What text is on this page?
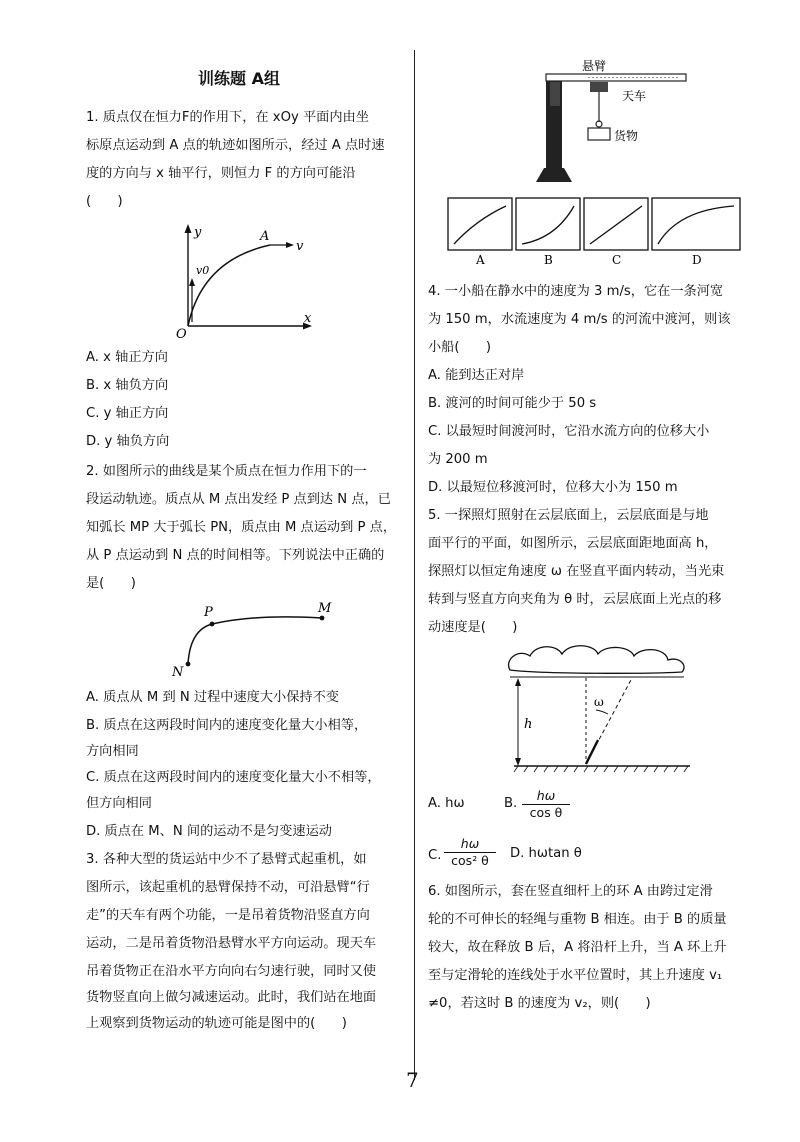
训练题 A组
1. 质点仅在恒力F的作用下，在 xOy 平面内由坐
标原点运动到 A 点的轨迹如图所示，经过 A 点时速
度的方向与 x 轴平行，则恒力 F 的方向可能沿
(　　)
y
x
O
A
v
v0
A. x 轴正方向
B. x 轴负方向
C. y 轴正方向
D. y 轴负方向
2. 如图所示的曲线是某个质点在恒力作用下的一
段运动轨迹。质点从 M 点出发经 P 点到达 N 点，已
知弧长 MP 大于弧长 PN，质点由 M 点运动到 P 点，
从 P 点运动到 N 点的时间相等。下列说法中正确的
是(　　)
P	M
N
A. 质点从 M 到 N 过程中速度大小保持不变
B. 质点在这两段时间内的速度变化量大小相等，
方向相同
C. 质点在这两段时间内的速度变化量大小不相等，
但方向相同
D. 质点在 M、N 间的运动不是匀变速运动
3. 各种大型的货运站中少不了悬臂式起重机，如
图所示，该起重机的悬臂保持不动，可沿悬臂“行
走”的天车有两个功能，一是吊着货物沿竖直方向
运动，二是吊着货物沿悬臂水平方向运动。现天车
吊着货物正在沿水平方向向右匀速行驶，同时又使
货物竖直向上做匀减速运动。此时，我们站在地面
上观察到货物运动的轨迹可能是图中的(　　)
悬臂
天车
货物
A	B	C	D
4. 一小船在静水中的速度为 3 m/s，它在一条河宽
为 150 m，水流速度为 4 m/s 的河流中渡河，则该
小船(　　)
A. 能到达正对岸
B. 渡河的时间可能少于 50 s
C. 以最短时间渡河时，它沿水流方向的位移大小
为 200 m
D. 以最短位移渡河时，位移大小为 150 m
5. 一探照灯照射在云层底面上，云层底面是与地
面平行的平面，如图所示，云层底面距地面高 h，
探照灯以恒定角速度 ω 在竖直平面内转动，当光束
转到与竖直方向夹角为 θ 时，云层底面上光点的移
动速度是(　　)
h
ω
A. hω	B. $\frac{h\omega}{\text{cos θ}}$
C. $\frac{h\omega}{\text{cos² θ}} D$. hωtan θ
6. 如图所示，套在竖直细杆上的环 A 由跨过定滑
轮的不可伸长的轻绳与重物 B 相连。由于 B 的质量
较大，故在释放 B 后，A 将沿杆上升，当 A 环上升
至与定滑轮的连线处于水平位置时，其上升速度 v₁
≠0，若这时 B 的速度为 v₂，则(　　)
7
